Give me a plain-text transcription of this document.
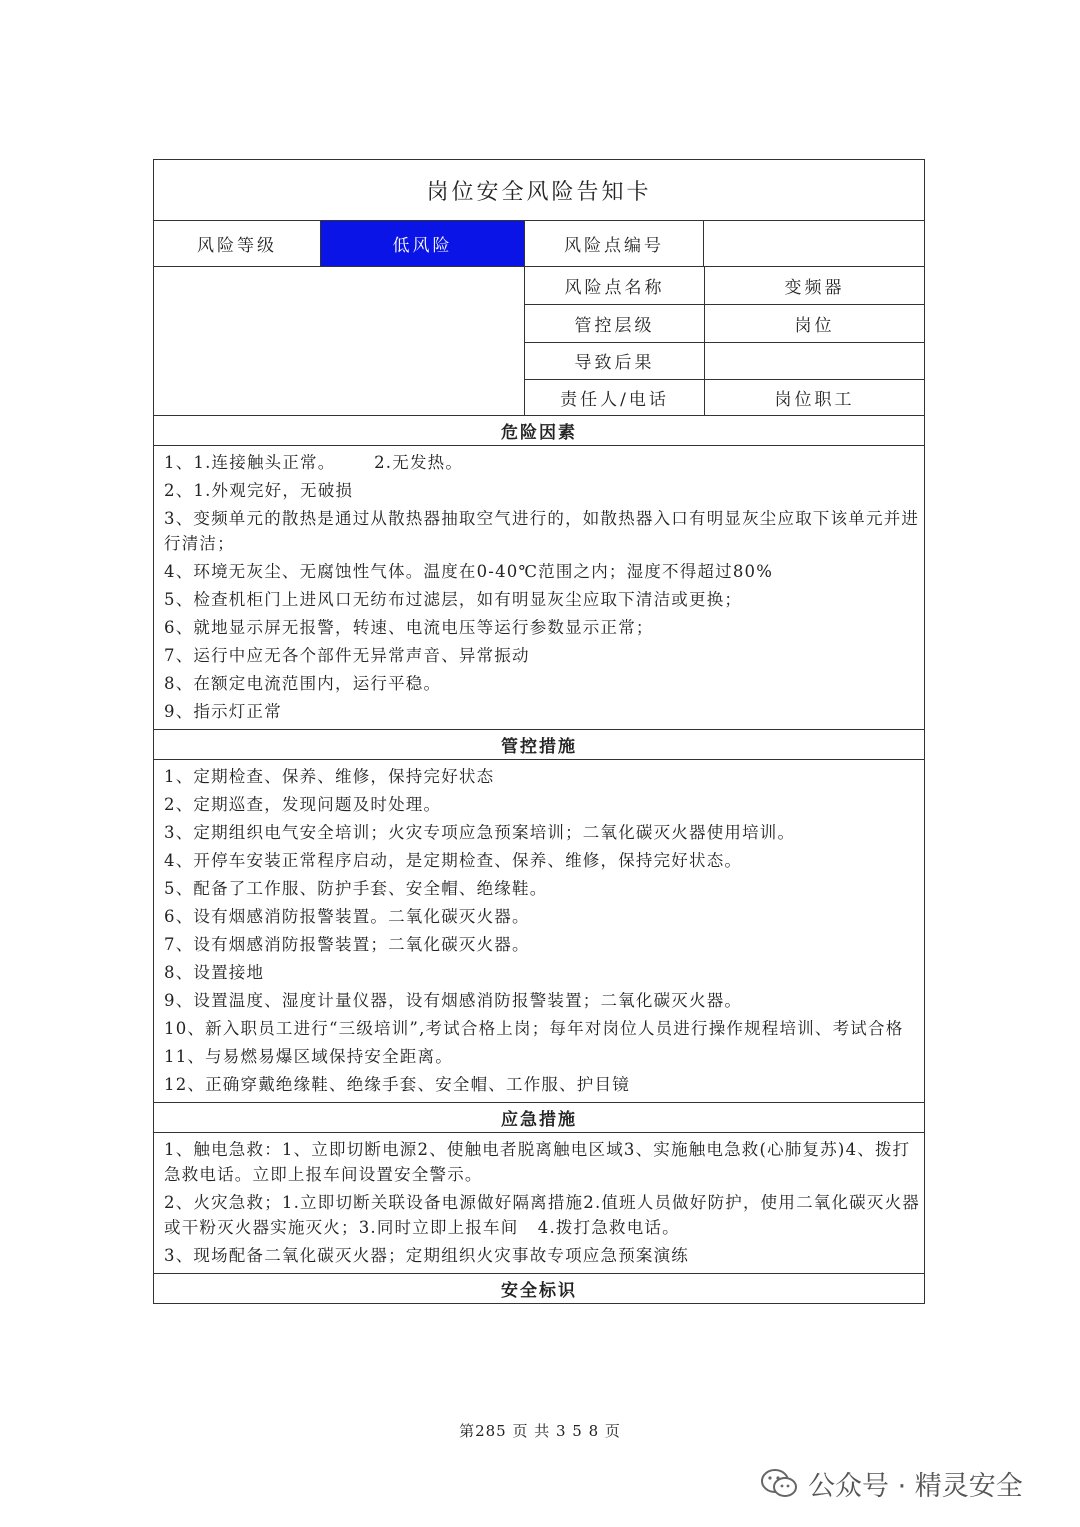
岗位安全风险告知卡
风险等级	低风险	风险点编号
风险点名称	变频器
管控层级	岗位
导致后果
责任人/电话	岗位职工
危险因素
1、1.连接触头正常。      2.无发热。
2、1.外观完好，无破损
3、变频单元的散热是通过从散热器抽取空气进行的，如散热器入口有明显灰尘应取下该单元并进行清洁；
4、环境无灰尘、无腐蚀性气体。温度在0-40℃范围之内；湿度不得超过80%
5、检查机柜门上进风口无纺布过滤层，如有明显灰尘应取下清洁或更换；
6、就地显示屏无报警，转速、电流电压等运行参数显示正常；
7、运行中应无各个部件无异常声音、异常振动
8、在额定电流范围内，运行平稳。
9、指示灯正常
管控措施
1、定期检查、保养、维修，保持完好状态
2、定期巡查，发现问题及时处理。
3、定期组织电气安全培训；火灾专项应急预案培训；二氧化碳灭火器使用培训。
4、开停车安装正常程序启动，是定期检查、保养、维修，保持完好状态。
5、配备了工作服、防护手套、安全帽、绝缘鞋。
6、设有烟感消防报警装置。二氧化碳灭火器。
7、设有烟感消防报警装置；二氧化碳灭火器。
8、设置接地
9、设置温度、湿度计量仪器，设有烟感消防报警装置；二氧化碳灭火器。
10、新入职员工进行“三级培训”,考试合格上岗；每年对岗位人员进行操作规程培训、考试合格
11、与易燃易爆区域保持安全距离。
12、正确穿戴绝缘鞋、绝缘手套、安全帽、工作服、护目镜
应急措施
1、触电急救：1、立即切断电源2、使触电者脱离触电区域3、实施触电急救(心肺复苏)4、拨打急救电话。立即上报车间设置安全警示。
2、火灾急救；1.立即切断关联设备电源做好隔离措施2.值班人员做好防护，使用二氧化碳灭火器或干粉灭火器实施灭火；3.同时立即上报车间   4.拨打急救电话。
3、现场配备二氧化碳灭火器；定期组织火灾事故专项应急预案演练
安全标识
第285 页 共 3 5 8 页
公众号 · 精灵安全
